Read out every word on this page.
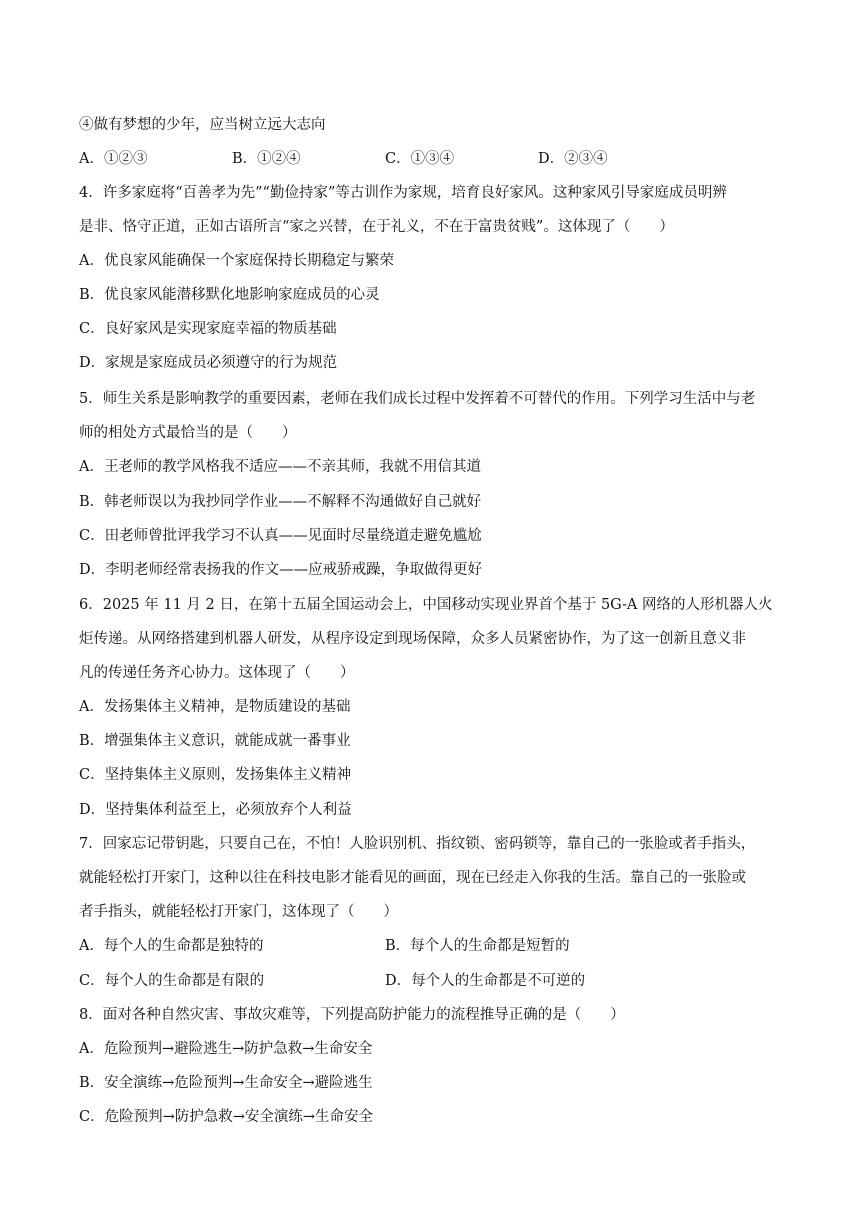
④做有梦想的少年，应当树立远大志向
A．①②③	B．①②④	C．①③④	D．②③④
4．许多家庭将“百善孝为先”“勤俭持家”等古训作为家规，培育良好家风。这种家风引导家庭成员明辨
是非、恪守正道，正如古语所言“家之兴替，在于礼义，不在于富贵贫贱”。这体现了（　　）
A．优良家风能确保一个家庭保持长期稳定与繁荣
B．优良家风能潜移默化地影响家庭成员的心灵
C．良好家风是实现家庭幸福的物质基础
D．家规是家庭成员必须遵守的行为规范
5．师生关系是影响教学的重要因素，老师在我们成长过程中发挥着不可替代的作用。下列学习生活中与老
师的相处方式最恰当的是（　　）
A．王老师的教学风格我不适应——不亲其师，我就不用信其道
B．韩老师误以为我抄同学作业——不解释不沟通做好自己就好
C．田老师曾批评我学习不认真——见面时尽量绕道走避免尴尬
D．李明老师经常表扬我的作文——应戒骄戒躁，争取做得更好
6．2025 年 11 月 2 日，在第十五届全国运动会上，中国移动实现业界首个基于 5G-A 网络的人形机器人火
炬传递。从网络搭建到机器人研发，从程序设定到现场保障，众多人员紧密协作，为了这一创新且意义非
凡的传递任务齐心协力。这体现了（　　）
A．发扬集体主义精神，是物质建设的基础
B．增强集体主义意识，就能成就一番事业
C．坚持集体主义原则，发扬集体主义精神
D．坚持集体利益至上，必须放弃个人利益
7．回家忘记带钥匙，只要自己在，不怕！人脸识别机、指纹锁、密码锁等，靠自己的一张脸或者手指头，
就能轻松打开家门，这种以往在科技电影才能看见的画面，现在已经走入你我的生活。靠自己的一张脸或
者手指头，就能轻松打开家门，这体现了（　　）
A．每个人的生命都是独特的	B．每个人的生命都是短暂的
C．每个人的生命都是有限的	D．每个人的生命都是不可逆的
8．面对各种自然灾害、事故灾难等，下列提高防护能力的流程推导正确的是（　　）
A．危险预判→避险逃生→防护急救→生命安全
B．安全演练→危险预判→生命安全→避险逃生
C．危险预判→防护急救→安全演练→生命安全
